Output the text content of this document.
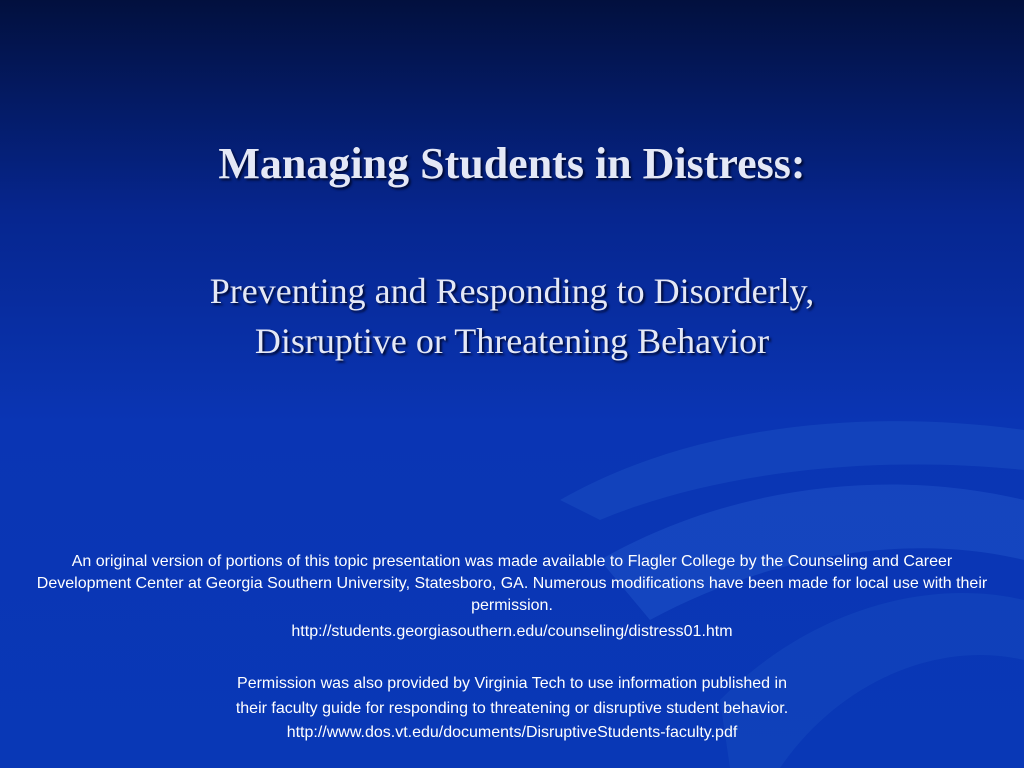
Managing Students in Distress:
Preventing and Responding to Disorderly,
Disruptive or Threatening Behavior
An original version of portions of this topic presentation was made available to Flagler College by the Counseling and Career Development Center at Georgia Southern University, Statesboro, GA. Numerous modifications have been made for local use with their permission.
http://students.georgiasouthern.edu/counseling/distress01.htm
Permission was also provided by Virginia Tech to use information published in
their faculty guide for responding to threatening or disruptive student behavior.
http://www.dos.vt.edu/documents/DisruptiveStudents-faculty.pdf
